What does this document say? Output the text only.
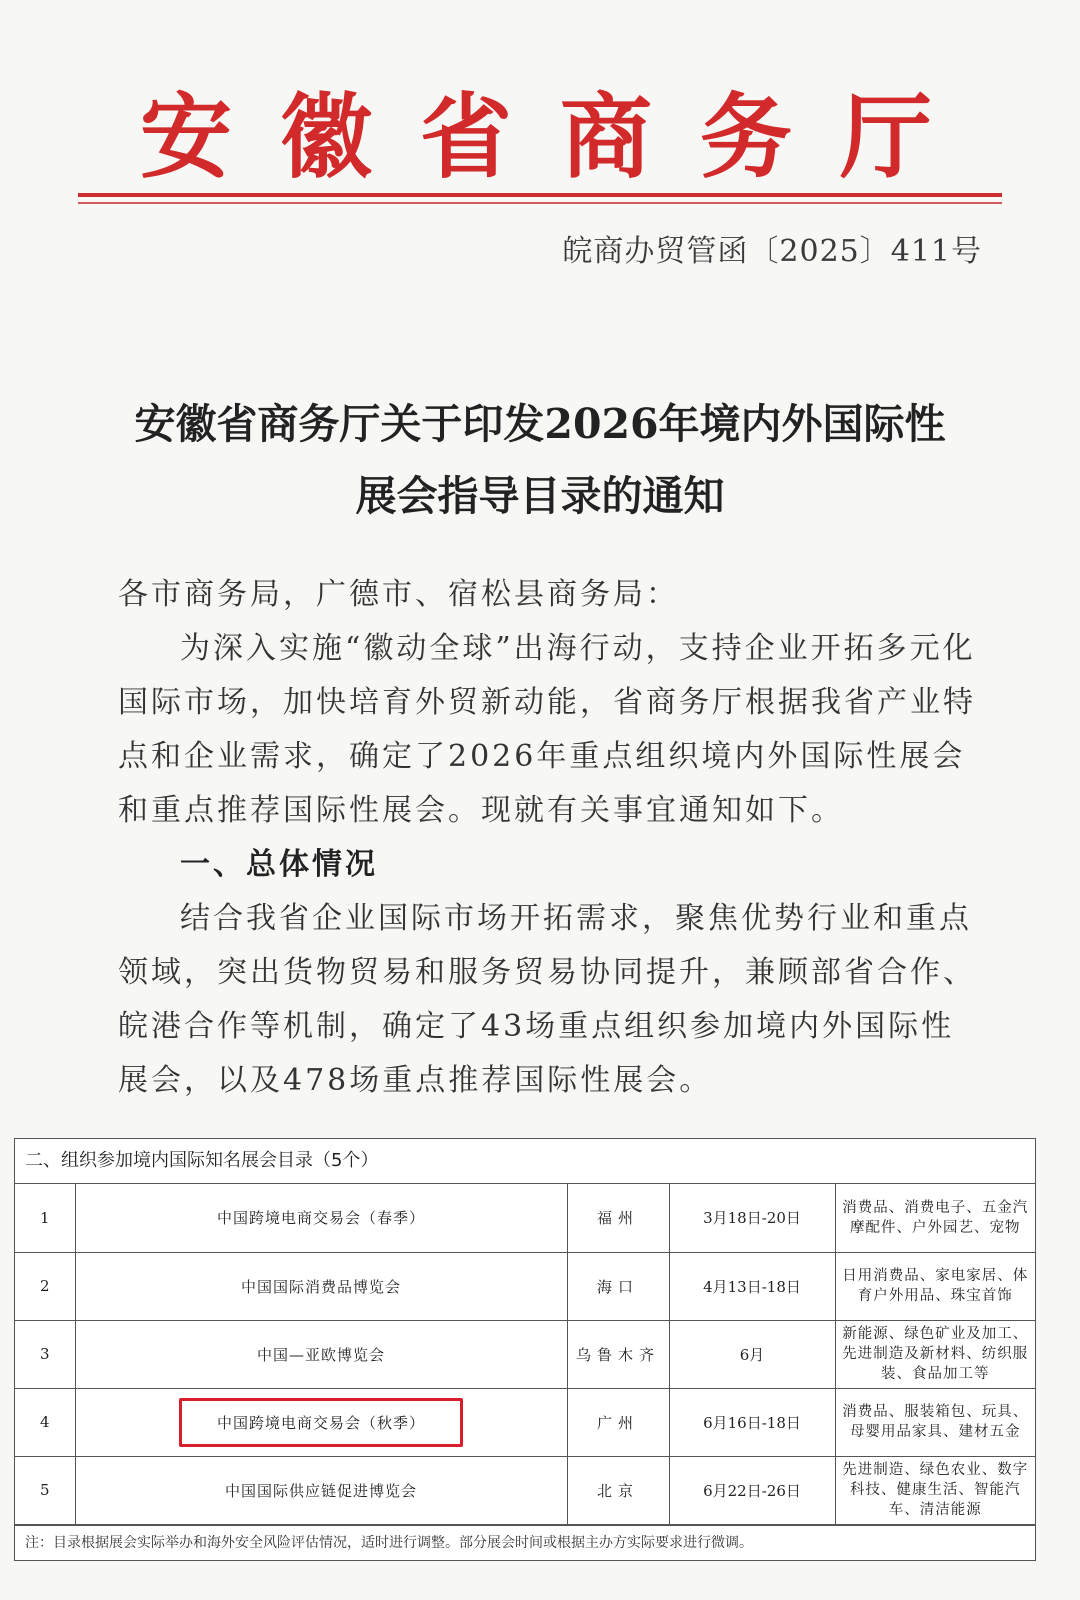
安徽省商务厅
皖商办贸管函〔2025〕411号
安徽省商务厅关于印发2026年境内外国际性
展会指导目录的通知

各市商务局，广德市、宿松县商务局：

为深入实施“徽动全球”出海行动，支持企业开拓多元化国际市场，加快培育外贸新动能，省商务厅根据我省产业特点和企业需求，确定了2026年重点组织境内外国际性展会和重点推荐国际性展会。现就有关事宜通知如下。

一、总体情况

结合我省企业国际市场开拓需求，聚焦优势行业和重点领域，突出货物贸易和服务贸易协同提升，兼顾部省合作、皖港合作等机制，确定了43场重点组织参加境内外国际性展会，以及478场重点推荐国际性展会。

二、组织参加境内国际知名展会目录（5个）
1	中国跨境电商交易会（春季）	福州	3月18日-20日	消费品、消费电子、五金汽摩配件、户外园艺、宠物
2	中国国际消费品博览会	海口	4月13日-18日	日用消费品、家电家居、体育户外用品、珠宝首饰
3	中国—亚欧博览会	乌鲁木齐	6月	新能源、绿色矿业及加工、先进制造及新材料、纺织服装、食品加工等
4	中国跨境电商交易会（秋季）	广州	6月16日-18日	消费品、服装箱包、玩具、母婴用品家具、建材五金
5	中国国际供应链促进博览会	北京	6月22日-26日	先进制造、绿色农业、数字科技、健康生活、智能汽车、清洁能源
注：目录根据展会实际举办和海外安全风险评估情况，适时进行调整。部分展会时间或根据主办方实际要求进行微调。
